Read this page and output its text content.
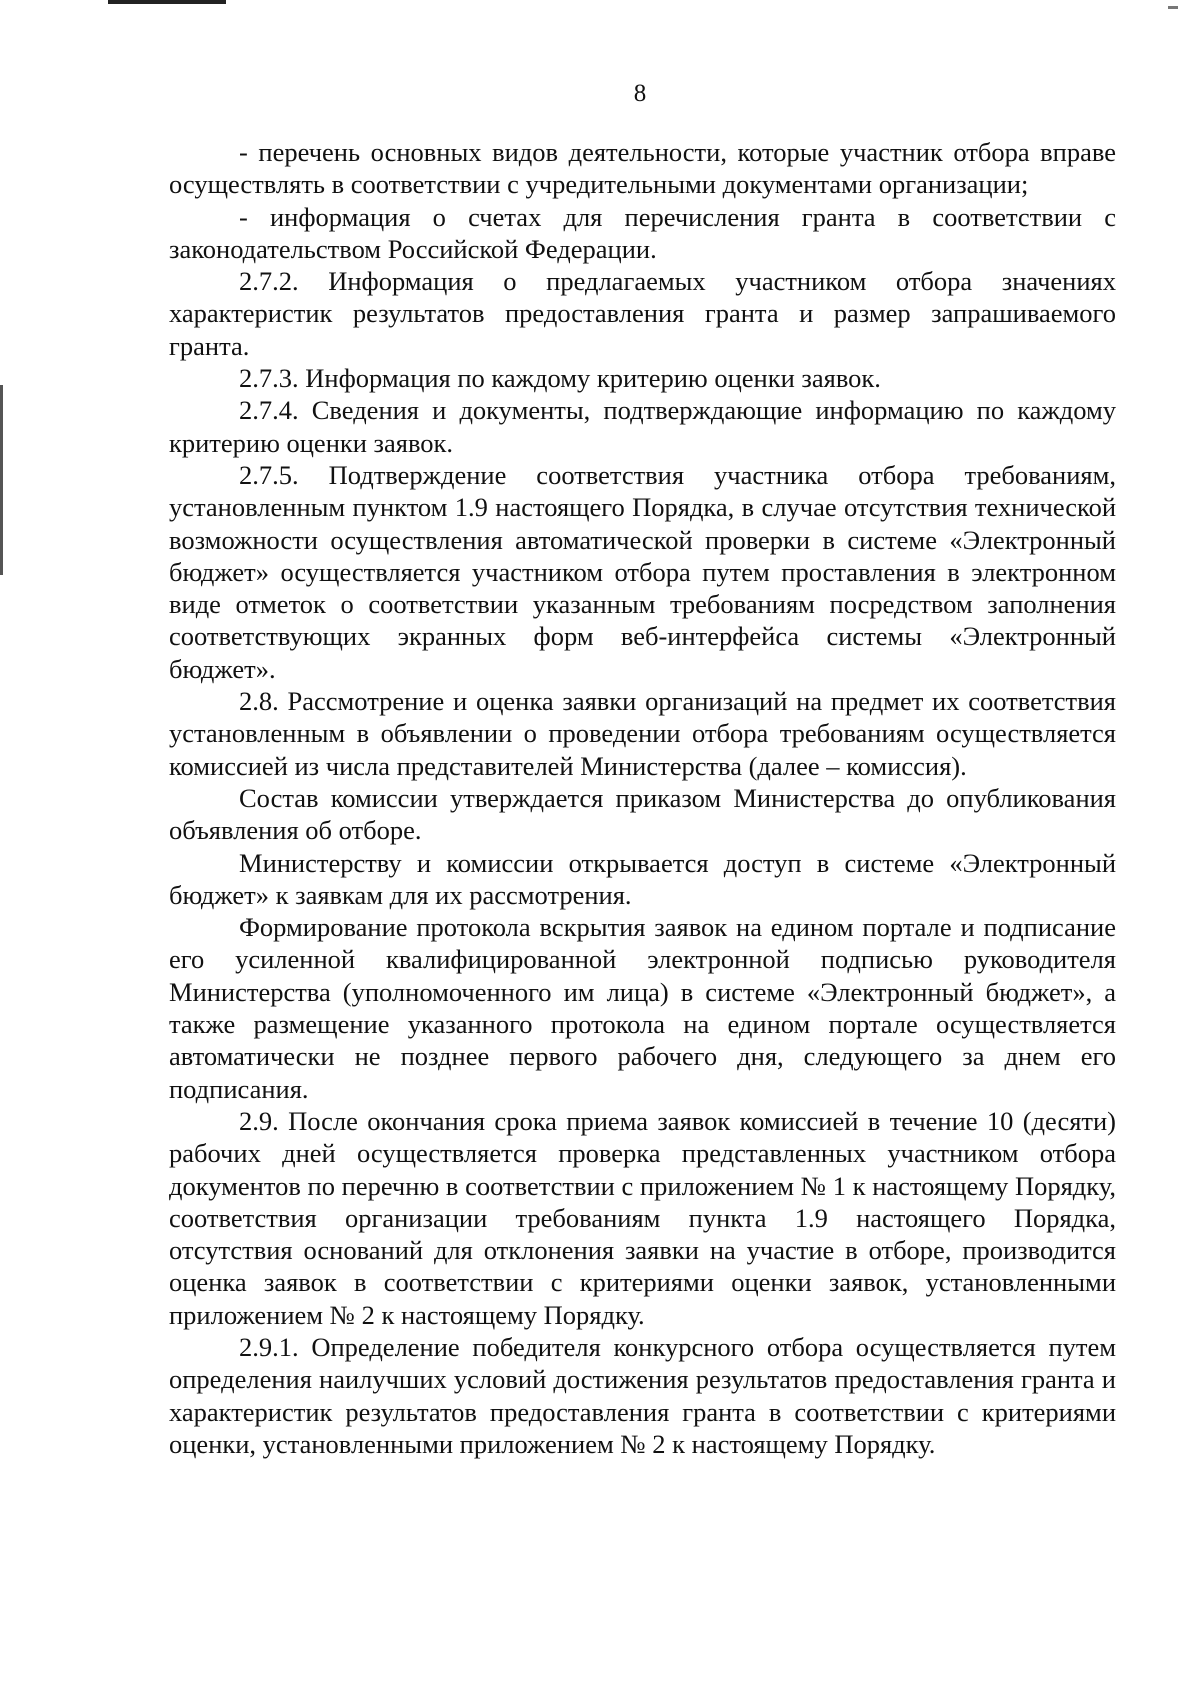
8

- перечень основных видов деятельности, которые участник отбора вправе осуществлять в соответствии с учредительными документами организации;

- информация о счетах для перечисления гранта в соответствии с законодательством Российской Федерации.

2.7.2. Информация о предлагаемых участником отбора значениях характеристик результатов предоставления гранта и размер запрашиваемого гранта.

2.7.3. Информация по каждому критерию оценки заявок.

2.7.4. Сведения и документы, подтверждающие информацию по каждому критерию оценки заявок.

2.7.5. Подтверждение соответствия участника отбора требованиям, установленным пунктом 1.9 настоящего Порядка, в случае отсутствия технической возможности осуществления автоматической проверки в системе «Электронный бюджет» осуществляется участником отбора путем проставления в электронном виде отметок о соответствии указанным требованиям посредством заполнения соответствующих экранных форм веб-интерфейса системы «Электронный бюджет».

2.8. Рассмотрение и оценка заявки организаций на предмет их соответствия установленным в объявлении о проведении отбора требованиям осуществляется комиссией из числа представителей Министерства (далее – комиссия).

Состав комиссии утверждается приказом Министерства до опубликования объявления об отборе.

Министерству и комиссии открывается доступ в системе «Электронный бюджет» к заявкам для их рассмотрения.

Формирование протокола вскрытия заявок на едином портале и подписание его усиленной квалифицированной электронной подписью руководителя Министерства (уполномоченного им лица) в системе «Электронный бюджет», а также размещение указанного протокола на едином портале осуществляется автоматически не позднее первого рабочего дня, следующего за днем его подписания.

2.9. После окончания срока приема заявок комиссией в течение 10 (десяти) рабочих дней осуществляется проверка представленных участником отбора документов по перечню в соответствии с приложением № 1 к настоящему Порядку, соответствия организации требованиям пункта 1.9 настоящего Порядка, отсутствия оснований для отклонения заявки на участие в отборе, производится оценка заявок в соответствии с критериями оценки заявок, установленными приложением № 2 к настоящему Порядку.

2.9.1. Определение победителя конкурсного отбора осуществляется путем определения наилучших условий достижения результатов предоставления гранта и характеристик результатов предоставления гранта в соответствии с критериями оценки, установленными приложением № 2 к настоящему Порядку.
